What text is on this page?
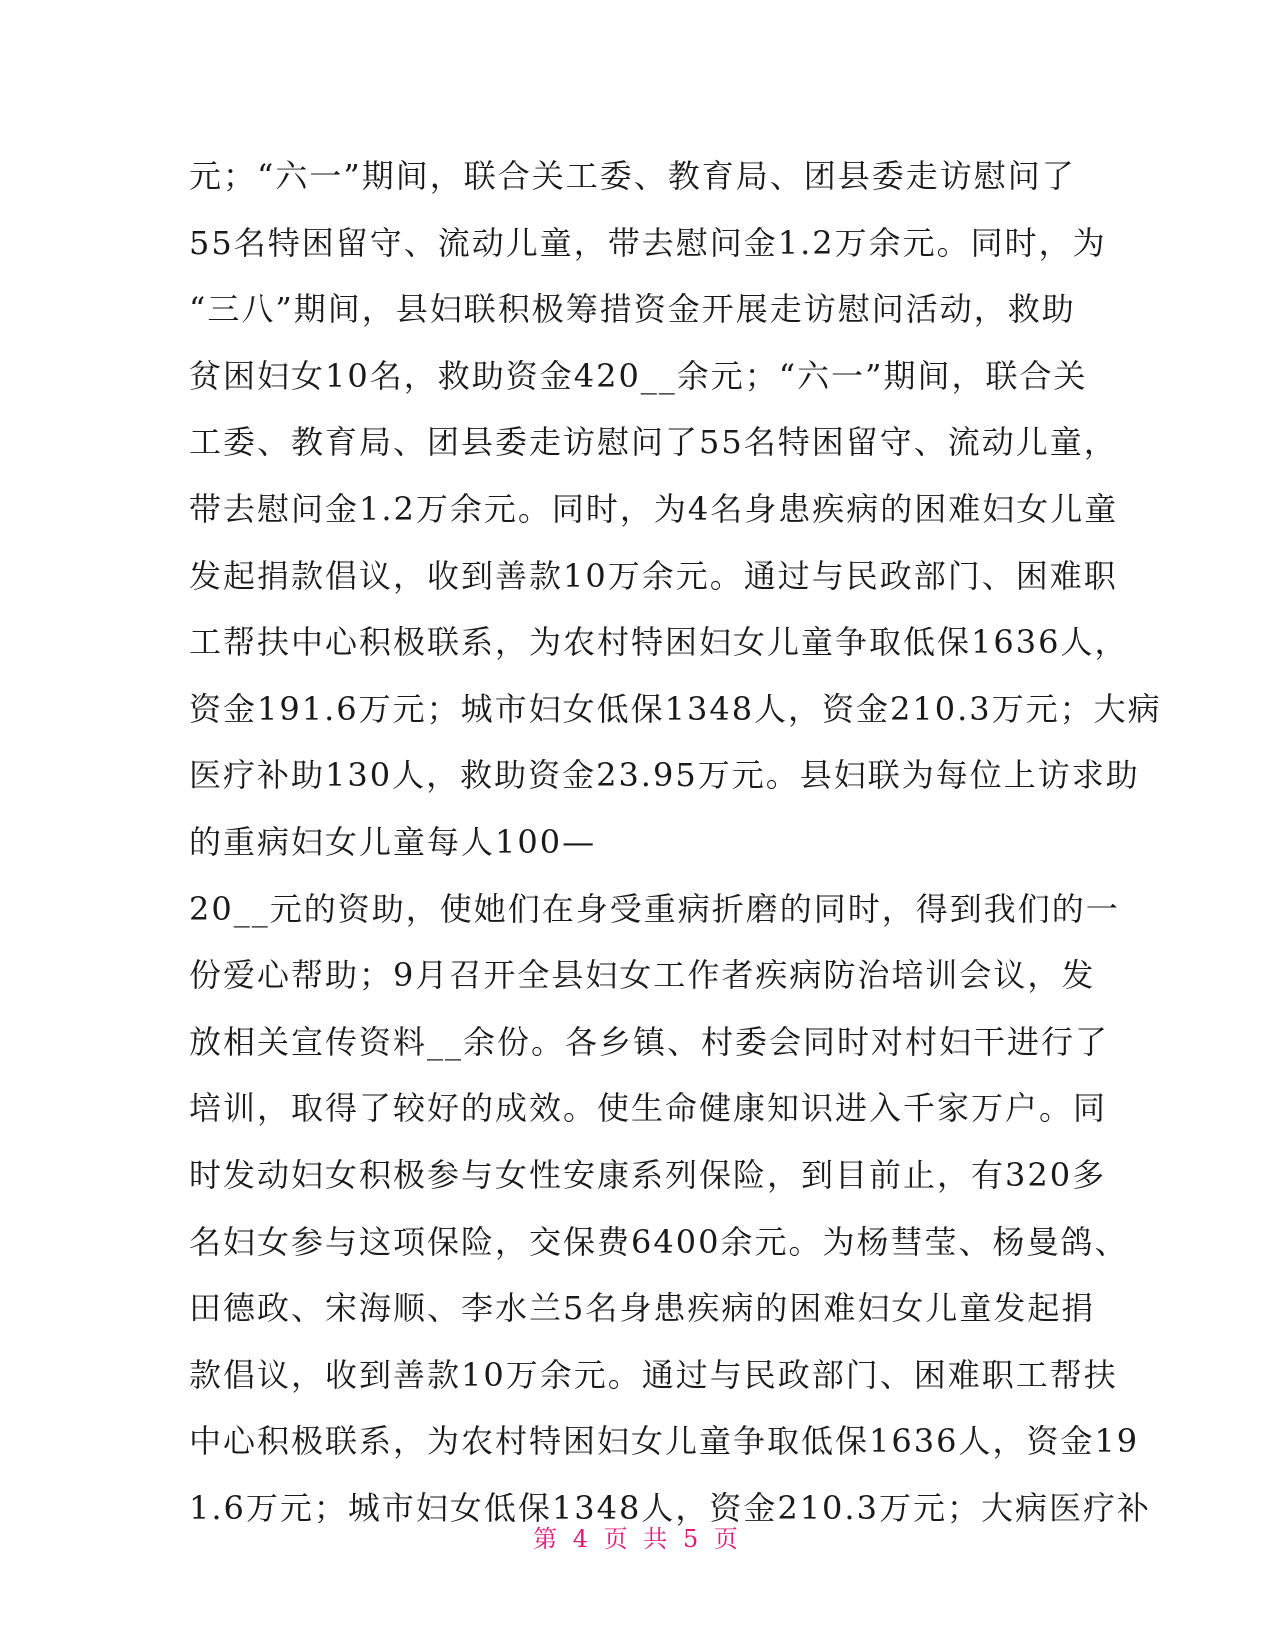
元；“六一”期间，联合关工委、教育局、团县委走访慰问了
55名特困留守、流动儿童，带去慰问金1.2万余元。同时，为
“三八”期间，县妇联积极筹措资金开展走访慰问活动，救助
贫困妇女10名，救助资金420__余元；“六一”期间，联合关
工委、教育局、团县委走访慰问了55名特困留守、流动儿童，
带去慰问金1.2万余元。同时，为4名身患疾病的困难妇女儿童
发起捐款倡议，收到善款10万余元。通过与民政部门、困难职
工帮扶中心积极联系，为农村特困妇女儿童争取低保1636人，
资金191.6万元；城市妇女低保1348人，资金210.3万元；大病
医疗补助130人，救助资金23.95万元。县妇联为每位上访求助
的重病妇女儿童每人100—
20__元的资助，使她们在身受重病折磨的同时，得到我们的一
份爱心帮助；9月召开全县妇女工作者疾病防治培训会议，发
放相关宣传资料__余份。各乡镇、村委会同时对村妇干进行了
培训，取得了较好的成效。使生命健康知识进入千家万户。同
时发动妇女积极参与女性安康系列保险，到目前止，有320多
名妇女参与这项保险，交保费6400余元。为杨彗莹、杨曼鸽、
田德政、宋海顺、李水兰5名身患疾病的困难妇女儿童发起捐
款倡议，收到善款10万余元。通过与民政部门、困难职工帮扶
中心积极联系，为农村特困妇女儿童争取低保1636人，资金19
1.6万元；城市妇女低保1348人，资金210.3万元；大病医疗补
第 4 页 共 5 页
